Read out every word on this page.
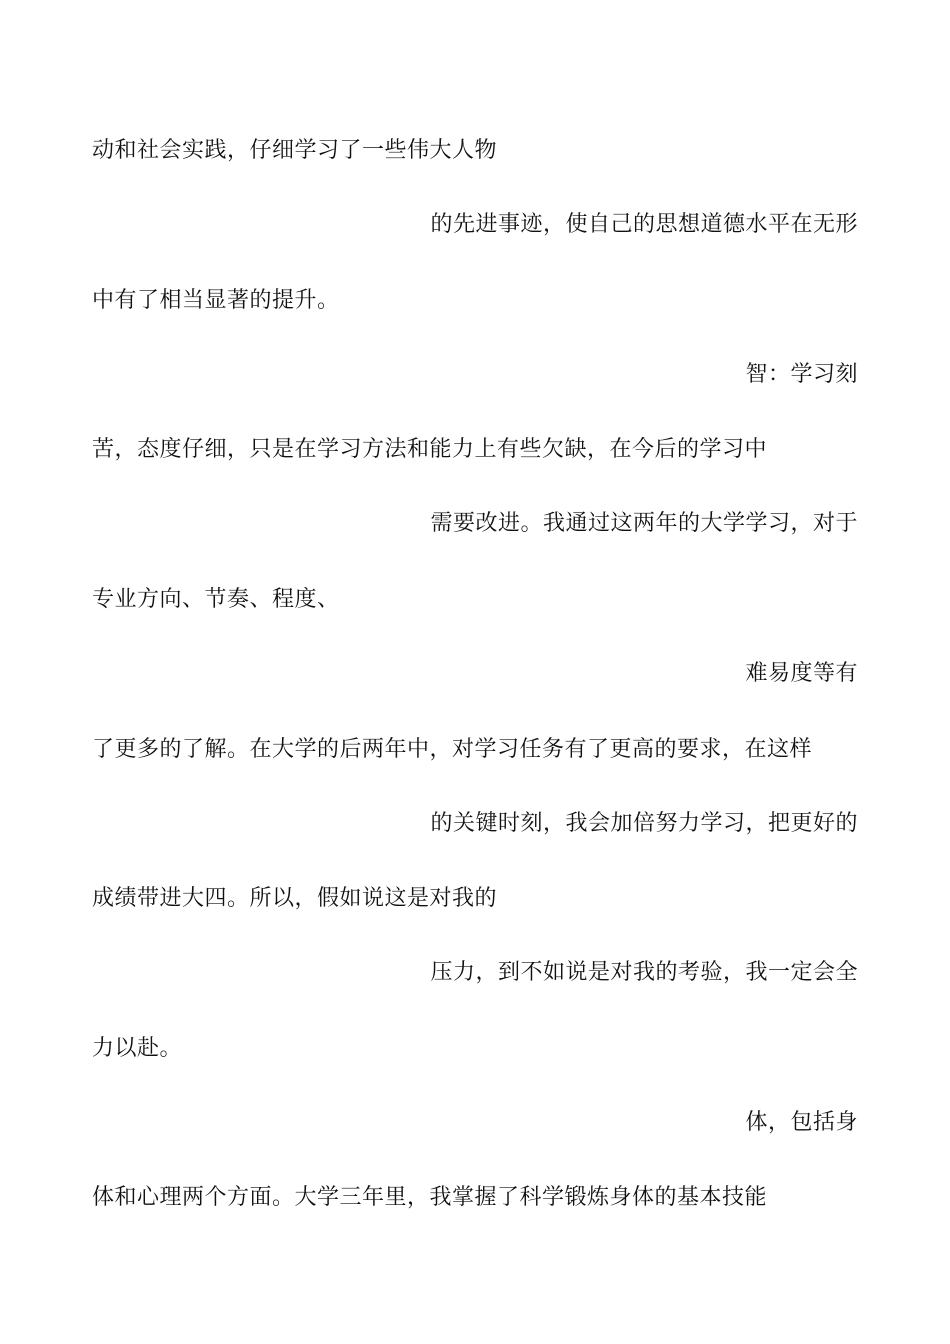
动和社会实践，仔细学习了一些伟大人物
的先进事迹，使自己的思想道德水平在无形
中有了相当显著的提升。
智：学习刻
苦，态度仔细，只是在学习方法和能力上有些欠缺，在今后的学习中
需要改进。我通过这两年的大学学习，对于
专业方向、节奏、程度、
难易度等有
了更多的了解。在大学的后两年中，对学习任务有了更高的要求，在这样
的关键时刻，我会加倍努力学习，把更好的
成绩带进大四。所以，假如说这是对我的
压力，到不如说是对我的考验，我一定会全
力以赴。
体，包括身
体和心理两个方面。大学三年里，我掌握了科学锻炼身体的基本技能
